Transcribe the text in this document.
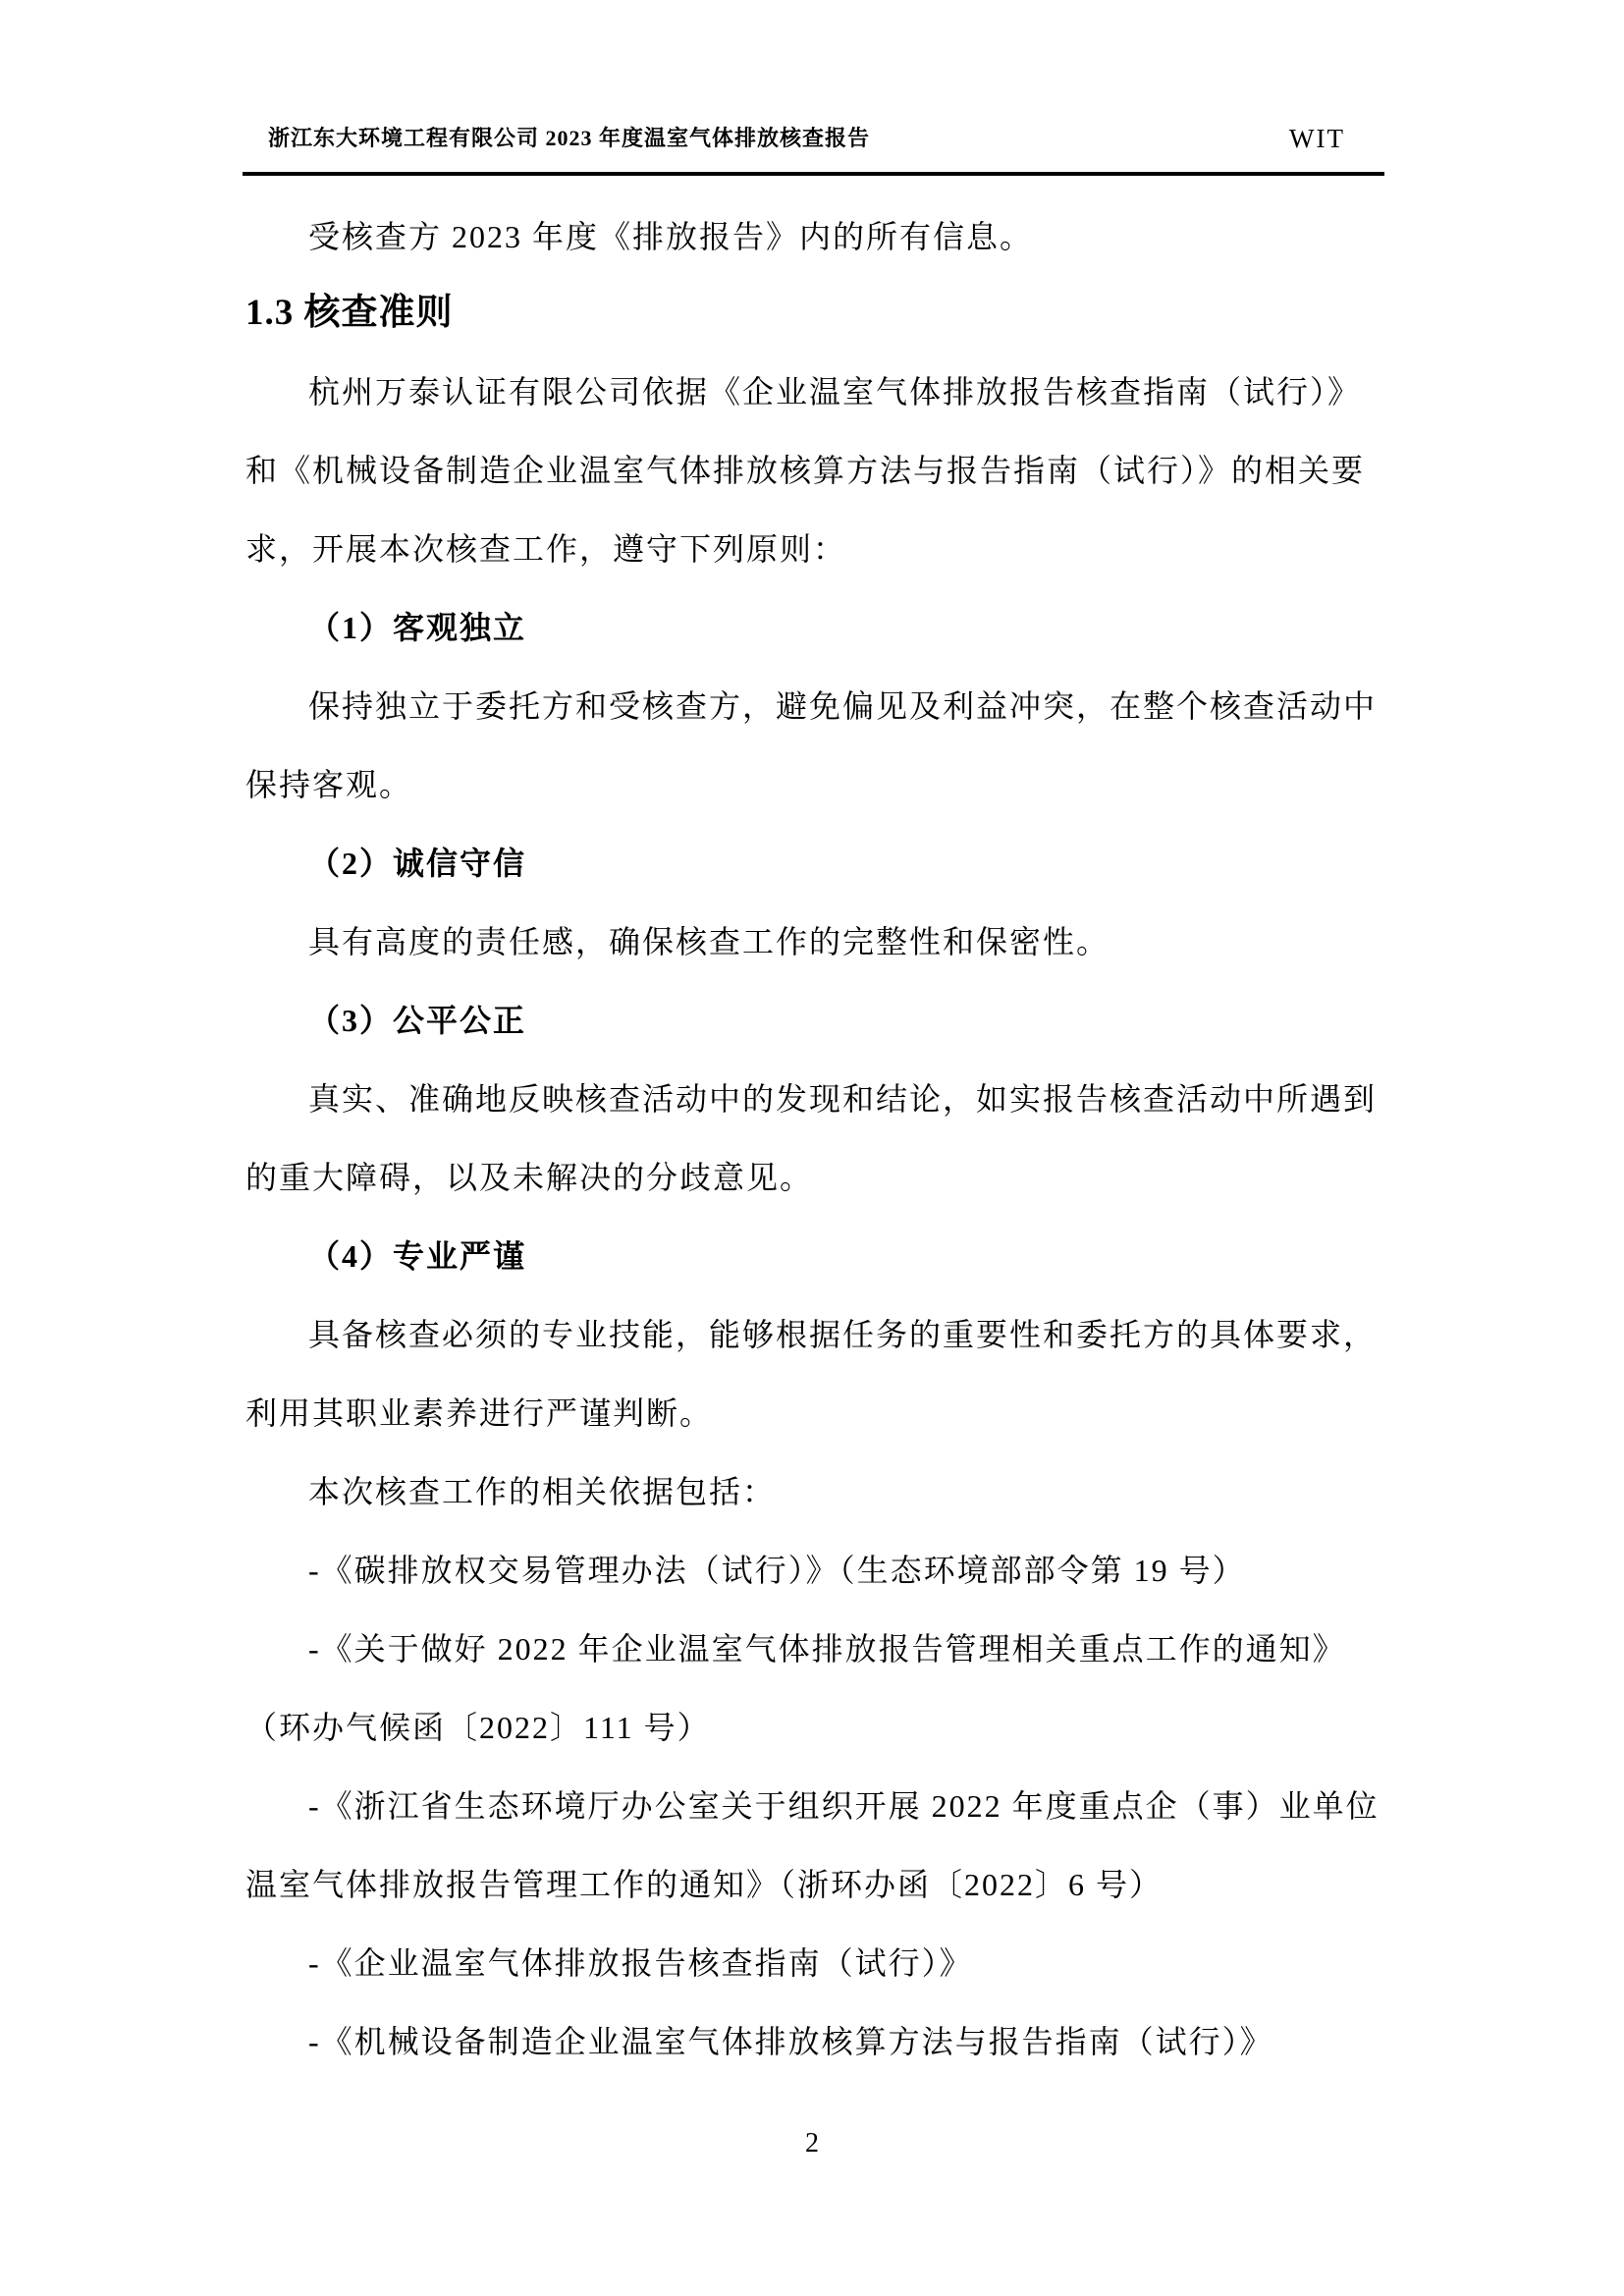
浙江东大环境工程有限公司 2023 年度温室气体排放核查报告	WIT
受核查方 2023 年度《排放报告》内的所有信息。
1.3 核查准则
杭州万泰认证有限公司依据《企业温室气体排放报告核查指南（试行）》
和《机械设备制造企业温室气体排放核算方法与报告指南（试行）》的相关要
求，开展本次核查工作，遵守下列原则：
（1）客观独立
保持独立于委托方和受核查方，避免偏见及利益冲突，在整个核查活动中
保持客观。
（2）诚信守信
具有高度的责任感，确保核查工作的完整性和保密性。
（3）公平公正
真实、准确地反映核查活动中的发现和结论，如实报告核查活动中所遇到
的重大障碍，以及未解决的分歧意见。
（4）专业严谨
具备核查必须的专业技能，能够根据任务的重要性和委托方的具体要求，
利用其职业素养进行严谨判断。
本次核查工作的相关依据包括：
-《碳排放权交易管理办法（试行）》（生态环境部部令第 19 号）
-《关于做好 2022 年企业温室气体排放报告管理相关重点工作的通知》
（环办气候函〔2022〕111 号）
-《浙江省生态环境厅办公室关于组织开展 2022 年度重点企（事）业单位
温室气体排放报告管理工作的通知》（浙环办函〔2022〕6 号）
-《企业温室气体排放报告核查指南（试行）》
-《机械设备制造企业温室气体排放核算方法与报告指南（试行）》
2
